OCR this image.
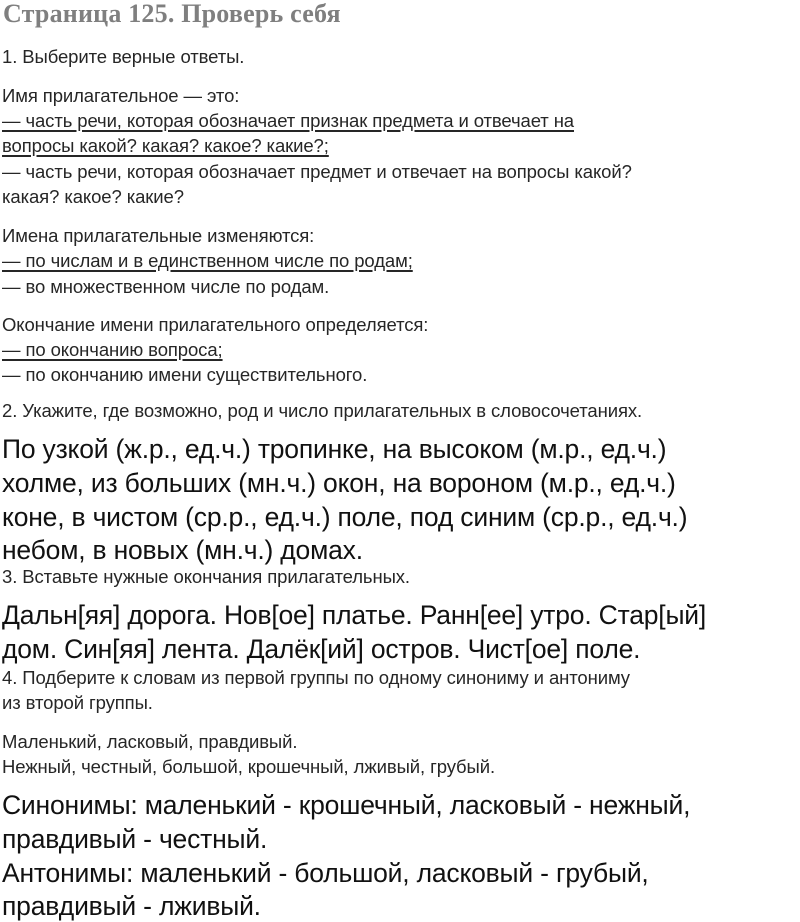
Страница 125. Проверь себя
1. Выберите верные ответы.
Имя прилагательное — это:
— часть речи, которая обозначает признак предмета и отвечает на
вопросы какой? какая? какое? какие?;
— часть речи, которая обозначает предмет и отвечает на вопросы какой?
какая? какое? какие?
Имена прилагательные изменяются:
— по числам и в единственном числе по родам;
— во множественном числе по родам.
Окончание имени прилагательного определяется:
— по окончанию вопроса;
— по окончанию имени существительного.
2. Укажите, где возможно, род и число прилагательных в словосочетаниях.
По узкой (ж.р., ед.ч.) тропинке, на высоком (м.р., ед.ч.)
холме, из больших (мн.ч.) окон, на вороном (м.р., ед.ч.)
коне, в чистом (ср.р., ед.ч.) поле, под синим (ср.р., ед.ч.)
небом, в новых (мн.ч.) домах.
3. Вставьте нужные окончания прилагательных.
Дальн[яя] дорога. Нов[ое] платье. Ранн[ее] утро. Стар[ый]
дом. Син[яя] лента. Далёк[ий] остров. Чист[ое] поле.
4. Подберите к словам из первой группы по одному синониму и антониму
из второй группы.
Маленький, ласковый, правдивый.
Нежный, честный, большой, крошечный, лживый, грубый.
Синонимы: маленький - крошечный, ласковый - нежный,
правдивый - честный.
Антонимы: маленький - большой, ласковый - грубый,
правдивый - лживый.
